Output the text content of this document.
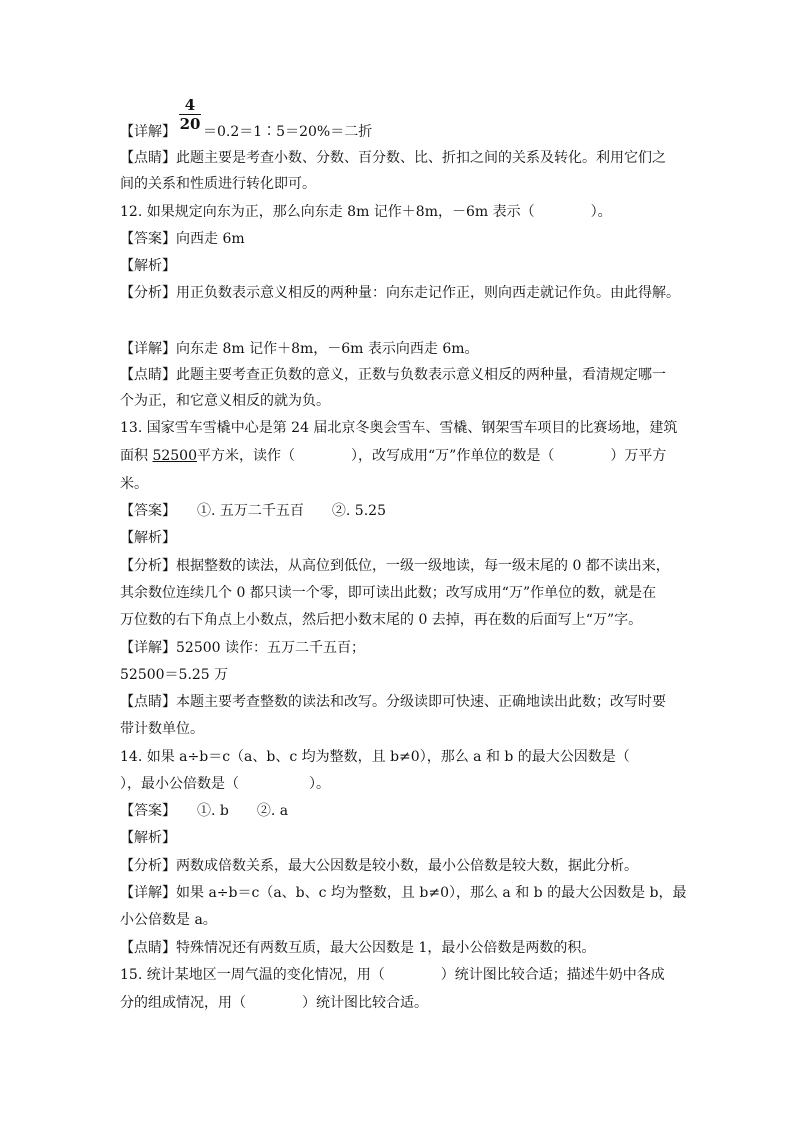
4
20
【详解】 ＝0.2＝1∶5＝20%＝二折
【点睛】此题主要是考查小数、分数、百分数、比、折扣之间的关系及转化。利用它们之
间的关系和性质进行转化即可。
12. 如果规定向东为正，那么向东走 8m 记作＋8m，－6m 表示（　　　　）。
【答案】向西走 6m
【解析】
【分析】用正负数表示意义相反的两种量：向东走记作正，则向西走就记作负。由此得解。
【详解】向东走 8m 记作＋8m，－6m 表示向西走 6m。
【点睛】此题主要考查正负数的意义，正数与负数表示意义相反的两种量，看清规定哪一
个为正，和它意义相反的就为负。
13. 国家雪车雪橇中心是第 24 届北京冬奥会雪车、雪橇、钢架雪车项目的比赛场地，建筑
面积 52500平方米，读作（　　　　），改写成用“万”作单位的数是（　　　　）万平方
米。
【答案】　　①. 五万二千五百　　②. 5.25
【解析】
【分析】根据整数的读法，从高位到低位，一级一级地读，每一级末尾的 0 都不读出来，
其余数位连续几个 0 都只读一个零，即可读出此数；改写成用“万”作单位的数，就是在
万位数的右下角点上小数点，然后把小数末尾的 0 去掉，再在数的后面写上“万”字。
【详解】52500 读作：五万二千五百；
52500＝5.25 万
【点睛】本题主要考查整数的读法和改写。分级读即可快速、正确地读出此数；改写时要
带计数单位。
14. 如果 a÷b＝c（a、b、c 均为整数，且 b≠0），那么 a 和 b 的最大公因数是（
），最小公倍数是（　　　　　）。
【答案】　　①. b　　②. a
【解析】
【分析】两数成倍数关系，最大公因数是较小数，最小公倍数是较大数，据此分析。
【详解】如果 a÷b＝c（a、b、c 均为整数，且 b≠0），那么 a 和 b 的最大公因数是 b，最
小公倍数是 a。
【点睛】特殊情况还有两数互质，最大公因数是 1，最小公倍数是两数的积。
15. 统计某地区一周气温的变化情况，用（　　　　）统计图比较合适；描述牛奶中各成
分的组成情况，用（　　　　）统计图比较合适。
